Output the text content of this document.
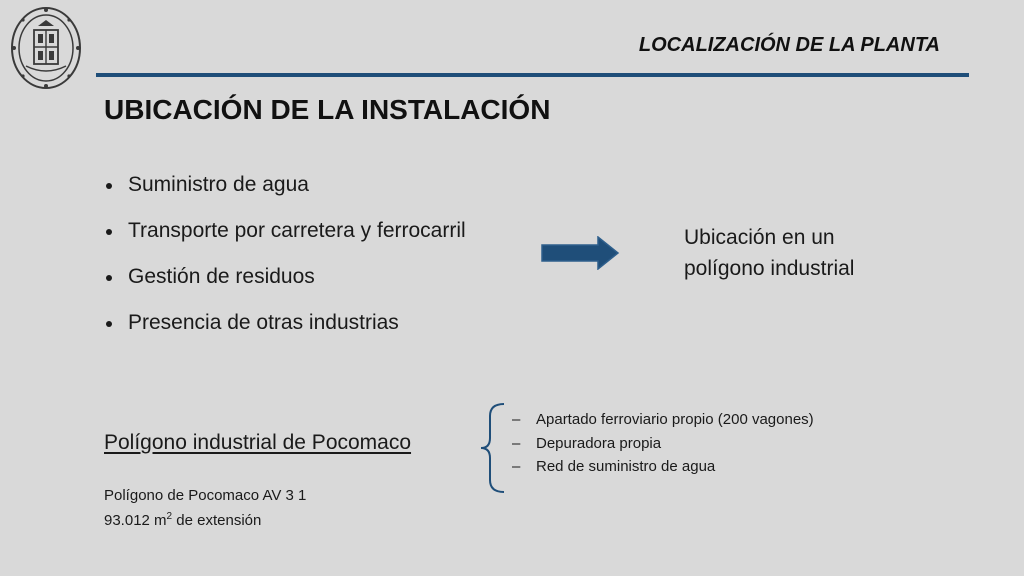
LOCALIZACIÓN DE LA PLANTA
UBICACIÓN DE LA INSTALACIÓN
Suministro de agua
Transporte por carretera y ferrocarril
Gestión de residuos
Presencia de otras industrias
Ubicación en un
polígono industrial
Polígono industrial de Pocomaco
Polígono de Pocomaco AV 3 1
93.012 $m^2$ de extensión
‒ Apartado ferroviario propio (200 vagones)
‒ Depuradora propia
‒ Red de suministro de agua
